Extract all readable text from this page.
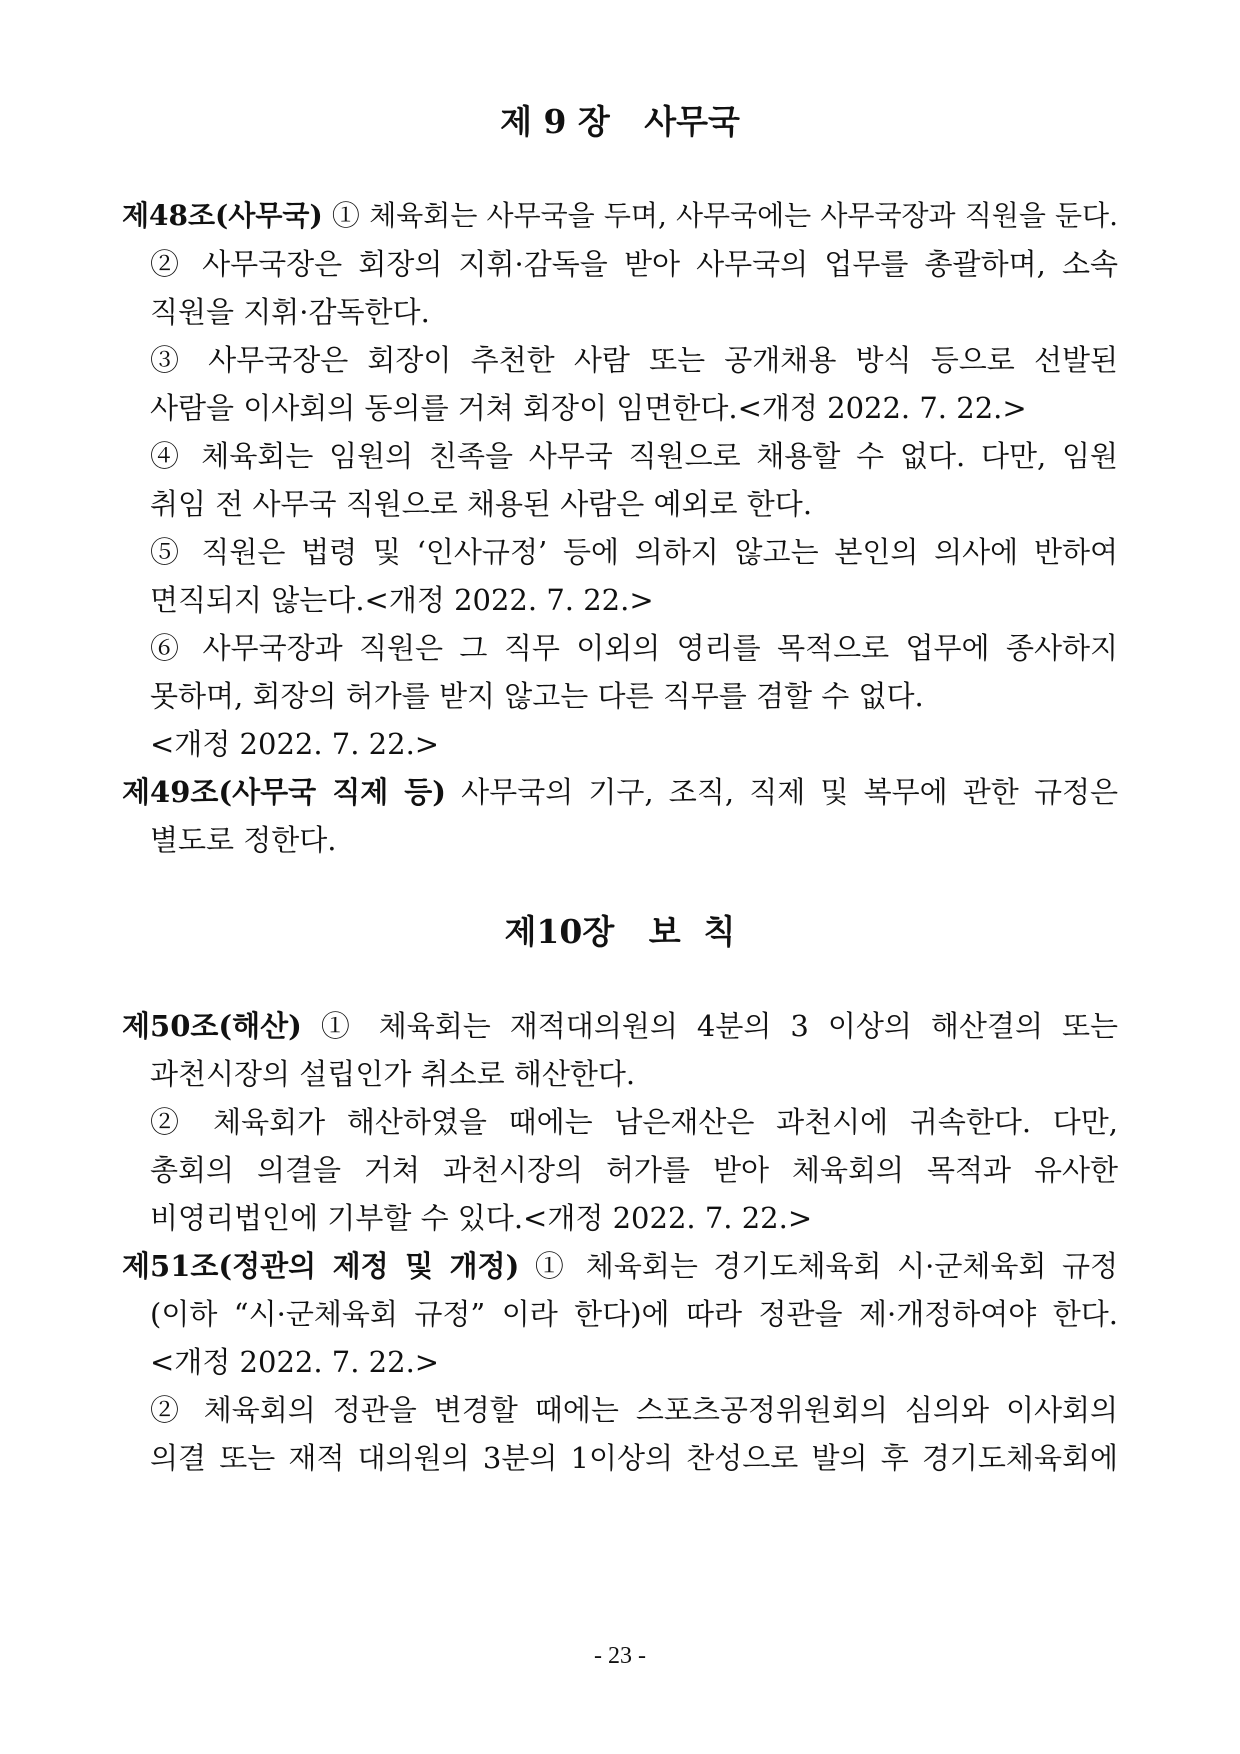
제 9 장   사무국
제48조(사무국) ① 체육회는 사무국을 두며, 사무국에는 사무국장과 직원을 둔다.
② 사무국장은 회장의 지휘·감독을 받아 사무국의 업무를 총괄하며, 소속
직원을 지휘·감독한다.
③ 사무국장은 회장이 추천한 사람 또는 공개채용 방식 등으로 선발된
사람을 이사회의 동의를 거쳐 회장이 임면한다.<개정 2022. 7. 22.>
④ 체육회는 임원의 친족을 사무국 직원으로 채용할 수 없다. 다만, 임원
취임 전 사무국 직원으로 채용된 사람은 예외로 한다.
⑤ 직원은 법령 및 ‘인사규정’ 등에 의하지 않고는 본인의 의사에 반하여
면직되지 않는다.<개정 2022. 7. 22.>
⑥ 사무국장과 직원은 그 직무 이외의 영리를 목적으로 업무에 종사하지
못하며, 회장의 허가를 받지 않고는 다른 직무를 겸할 수 없다.
<개정 2022. 7. 22.>
제49조(사무국 직제 등) 사무국의 기구, 조직, 직제 및 복무에 관한 규정은
별도로 정한다.
제10장   보  칙
제50조(해산) ① 체육회는 재적대의원의 4분의 3 이상의 해산결의 또는
과천시장의 설립인가 취소로 해산한다.
② 체육회가 해산하였을 때에는 남은재산은 과천시에 귀속한다. 다만,
총회의 의결을 거쳐 과천시장의 허가를 받아 체육회의 목적과 유사한
비영리법인에 기부할 수 있다.<개정 2022. 7. 22.>
제51조(정관의 제정 및 개정) ① 체육회는 경기도체육회 시·군체육회 규정
(이하 “시·군체육회 규정” 이라 한다)에 따라 정관을 제·개정하여야 한다.
<개정 2022. 7. 22.>
② 체육회의 정관을 변경할 때에는 스포츠공정위원회의 심의와 이사회의
의결 또는 재적 대의원의 3분의 1이상의 찬성으로 발의 후 경기도체육회에
- 23 -
